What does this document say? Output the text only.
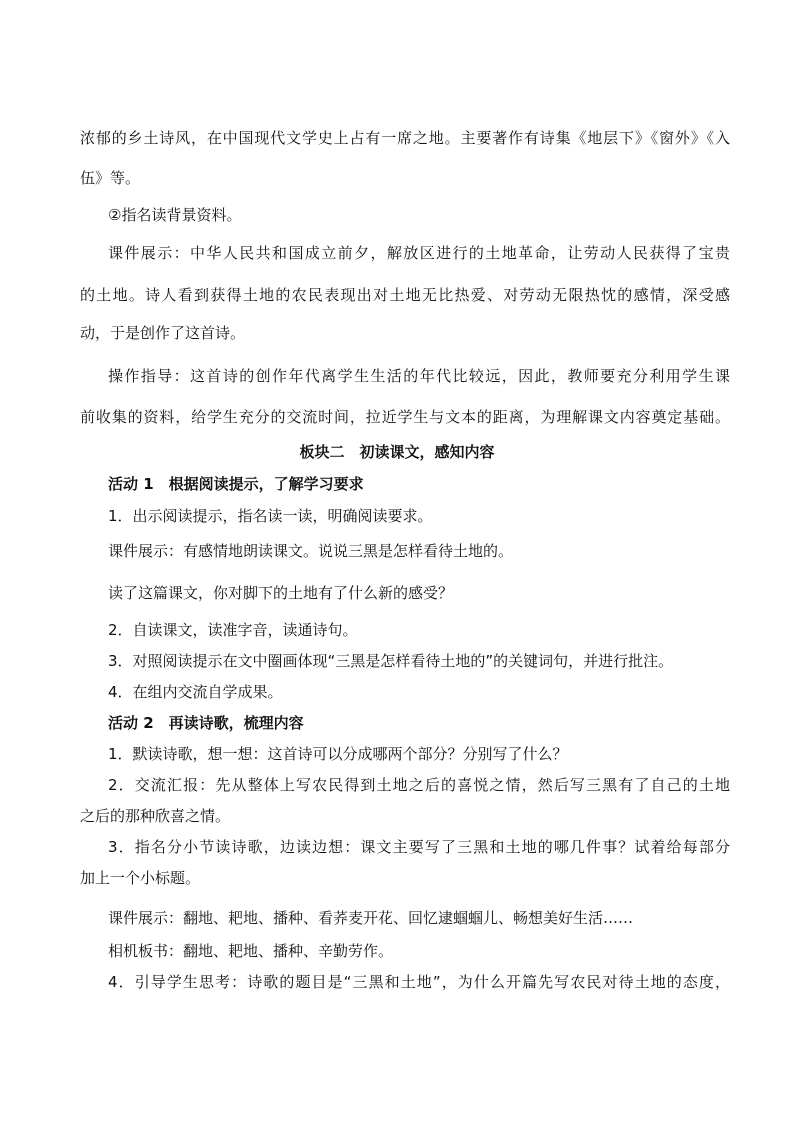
浓郁的乡土诗风，在中国现代文学史上占有一席之地。主要著作有诗集《地层下》《窗外》《入
伍》等。
②指名读背景资料。
课件展示：中华人民共和国成立前夕，解放区进行的土地革命，让劳动人民获得了宝贵
的土地。诗人看到获得土地的农民表现出对土地无比热爱、对劳动无限热忱的感情，深受感
动，于是创作了这首诗。
操作指导：这首诗的创作年代离学生生活的年代比较远，因此，教师要充分利用学生课
前收集的资料，给学生充分的交流时间，拉近学生与文本的距离，为理解课文内容奠定基础。
板块二　初读课文，感知内容
活动 1　根据阅读提示，了解学习要求
1．出示阅读提示，指名读一读，明确阅读要求。
课件展示：有感情地朗读课文。说说三黑是怎样看待土地的。
读了这篇课文，你对脚下的土地有了什么新的感受？
2．自读课文，读准字音，读通诗句。
3．对照阅读提示在文中圈画体现“三黑是怎样看待土地的”的关键词句，并进行批注。
4．在组内交流自学成果。
活动 2　再读诗歌，梳理内容
1．默读诗歌，想一想：这首诗可以分成哪两个部分？分别写了什么？
2．交流汇报：先从整体上写农民得到土地之后的喜悦之情，然后写三黑有了自己的土地
之后的那种欣喜之情。
3．指名分小节读诗歌，边读边想：课文主要写了三黑和土地的哪几件事？试着给每部分
加上一个小标题。
课件展示：翻地、耙地、播种、看荞麦开花、回忆逮蝈蝈儿、畅想美好生活……
相机板书：翻地、耙地、播种、辛勤劳作。
4．引导学生思考：诗歌的题目是“三黑和土地”，为什么开篇先写农民对待土地的态度，
